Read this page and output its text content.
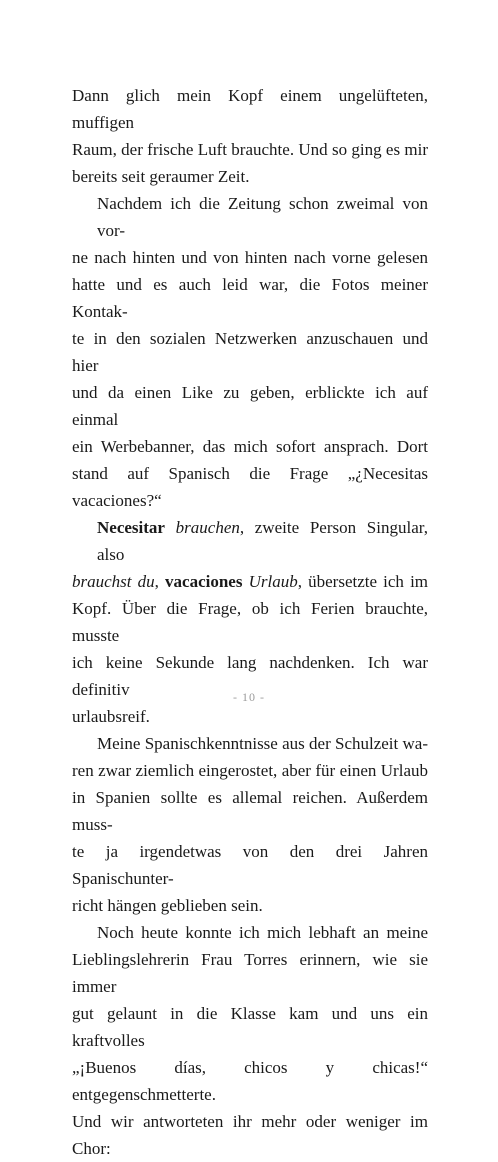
Dann glich mein Kopf einem ungelüfteten, muffigen
Raum, der frische Luft brauchte. Und so ging es mir
bereits seit geraumer Zeit.

Nachdem ich die Zeitung schon zweimal von vor-
ne nach hinten und von hinten nach vorne gelesen
hatte und es auch leid war, die Fotos meiner Kontak-
te in den sozialen Netzwerken anzuschauen und hier
und da einen Like zu geben, erblickte ich auf einmal
ein Werbebanner, das mich sofort ansprach. Dort
stand auf Spanisch die Frage „¿Necesitas vacaciones?“

Necesitar brauchen, zweite Person Singular, also
brauchst du, vacaciones Urlaub, übersetzte ich im
Kopf. Über die Frage, ob ich Ferien brauchte, musste
ich keine Sekunde lang nachdenken. Ich war definitiv
urlaubsreif.

Meine Spanischkenntnisse aus der Schulzeit wa-
ren zwar ziemlich eingerostet, aber für einen Urlaub
in Spanien sollte es allemal reichen. Außerdem muss-
te ja irgendetwas von den drei Jahren Spanischunter-
richt hängen geblieben sein.

Noch heute konnte ich mich lebhaft an meine
Lieblingslehrerin Frau Torres erinnern, wie sie immer
gut gelaunt in die Klasse kam und uns ein kraftvolles
„¡Buenos días, chicos y chicas!“ entgegenschmetterte.
Und wir antworteten ihr mehr oder weniger im Chor:

- 10 -
